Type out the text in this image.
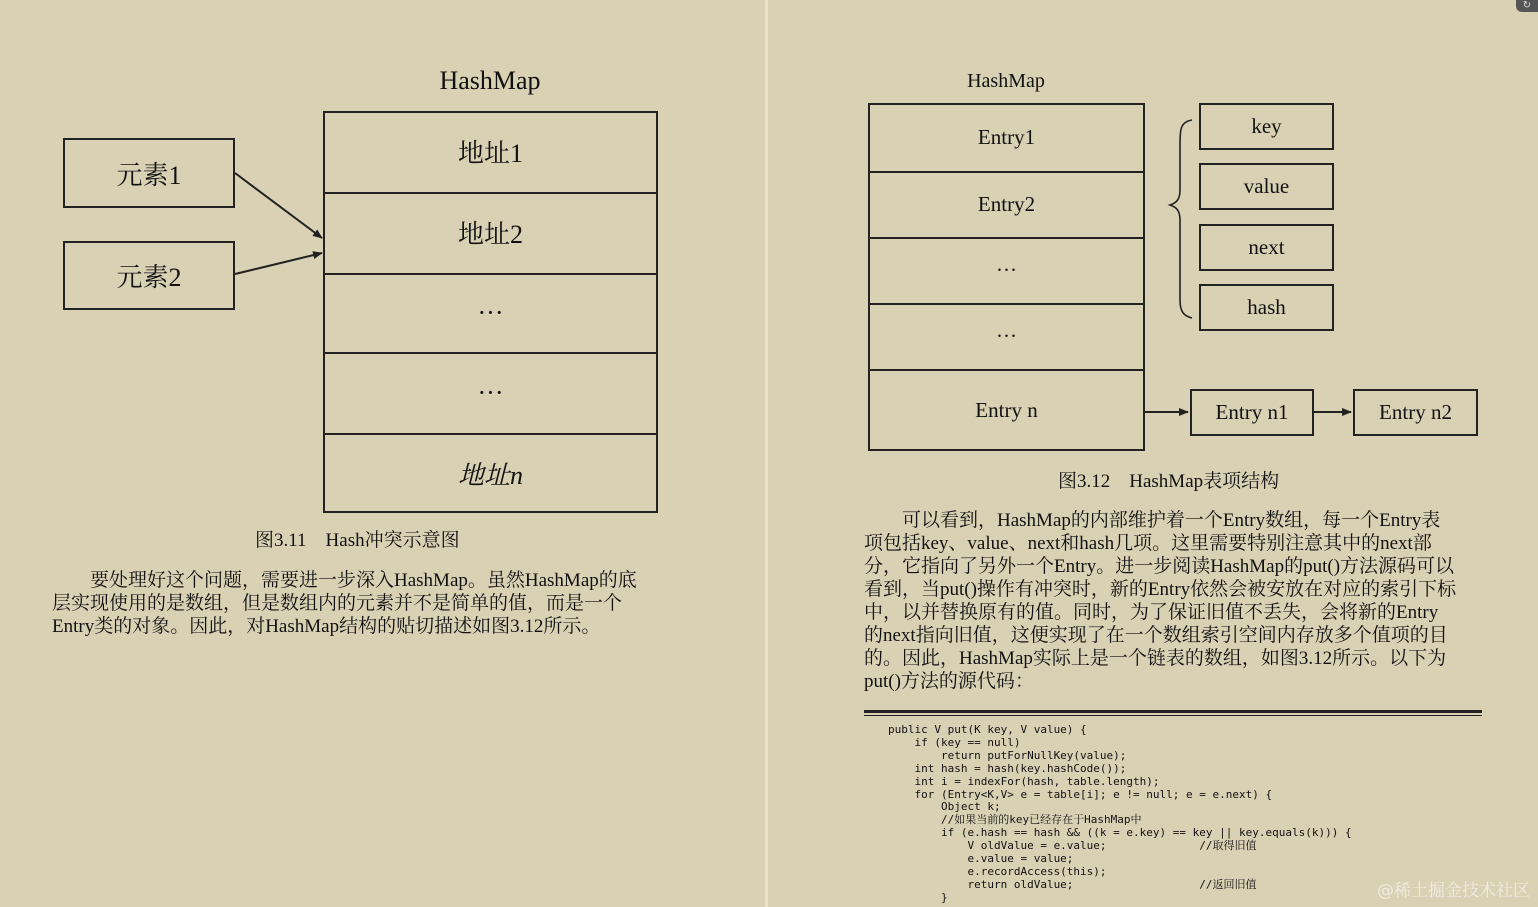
HashMap
元素1
元素2
地址1
地址2
···
···
地址n
图3.11　Hash冲突示意图
　　要处理好这个问题，需要进一步深入HashMap。虽然HashMap的底
层实现使用的是数组，但是数组内的元素并不是简单的值，而是一个
Entry类的对象。因此，对HashMap结构的贴切描述如图3.12所示。
HashMap
Entry1
Entry2
···
···
Entry n
key
value
next
hash
Entry n1	Entry n2
图3.12　HashMap表项结构
　　可以看到，HashMap的内部维护着一个Entry数组，每一个Entry表
项包括key、value、next和hash几项。这里需要特别注意其中的next部
分，它指向了另外一个Entry。进一步阅读HashMap的put()方法源码可以
看到，当put()操作有冲突时，新的Entry依然会被安放在对应的索引下标
中，以并替换原有的值。同时，为了保证旧值不丢失，会将新的Entry
的next指向旧值，这便实现了在一个数组索引空间内存放多个值项的目
的。因此，HashMap实际上是一个链表的数组，如图3.12所示。以下为
put()方法的源代码：
public V put(K key, V value) {
if (key == null)
return putForNullKey(value);
int hash = hash(key.hashCode());
int i = indexFor(hash, table.length);
for (Entry<K,V> e = table[i]; e != null; e = e.next) {
Object k;
//如果当前的key已经存在于HashMap中
if (e.hash == hash && ((k = e.key) == key || key.equals(k))) {
V oldValue = e.value;              //取得旧值
e.value = value;
e.recordAccess(this);
return oldValue;                   //返回旧值
}	@稀土掘金技术社区
↻
